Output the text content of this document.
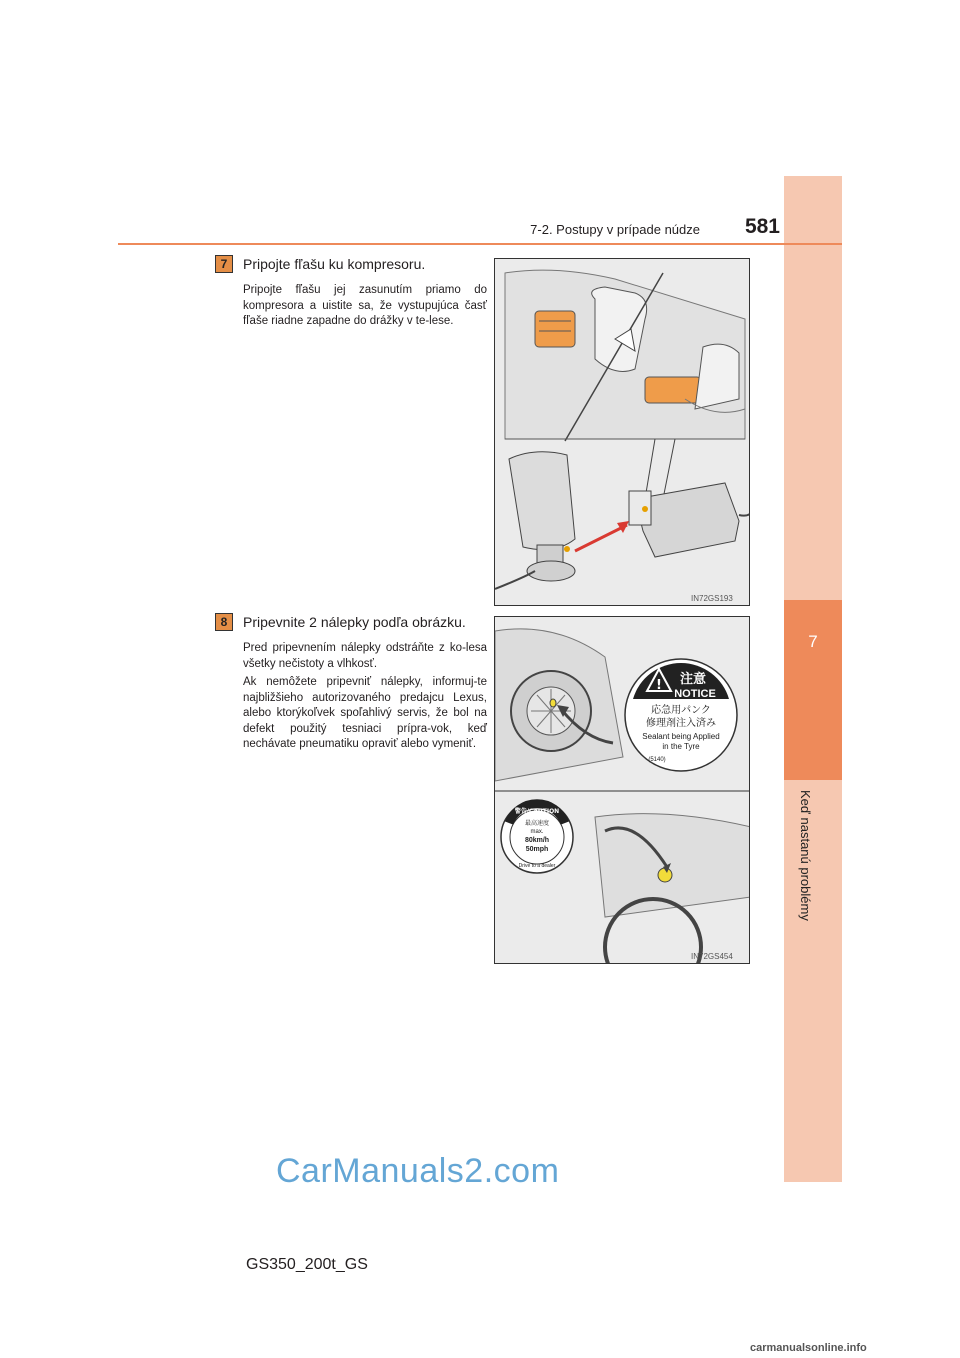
7
Keď nastanú problémy
7-2. Postupy v prípade núdze	581
7	Pripojte fľašu ku kompresoru.
Pripojte fľašu jej zasunutím priamo do kompresora a uistite sa, že vystupujúca časť fľaše riadne zapadne do drážky v te-lese.
IN72GS193
8	Pripevnite 2 nálepky podľa obrázku.
Pred pripevnením nálepky odstráňte z ko-lesa všetky nečistoty a vlhkosť.
Ak nemôžete pripevniť nálepky, informuj-te najbližšieho autorizovaného predajcu Lexus, alebo ktorýkoľvek spoľahlivý servis, že bol na defekt použitý tesniaci prípra-vok, keď nechávate pneumatiku opraviť alebo vymeniť.
! 注意
NOTICE
応急用パンク
修理剤注入済み
Sealant being Applied
in the Tyre
(5140)
警告/CAUTION
最高速度
max.
80km/h
50mph
Drive to a dealer
IN72GS454
CarManuals2.com
GS350_200t_GS
carmanualsonline.info
